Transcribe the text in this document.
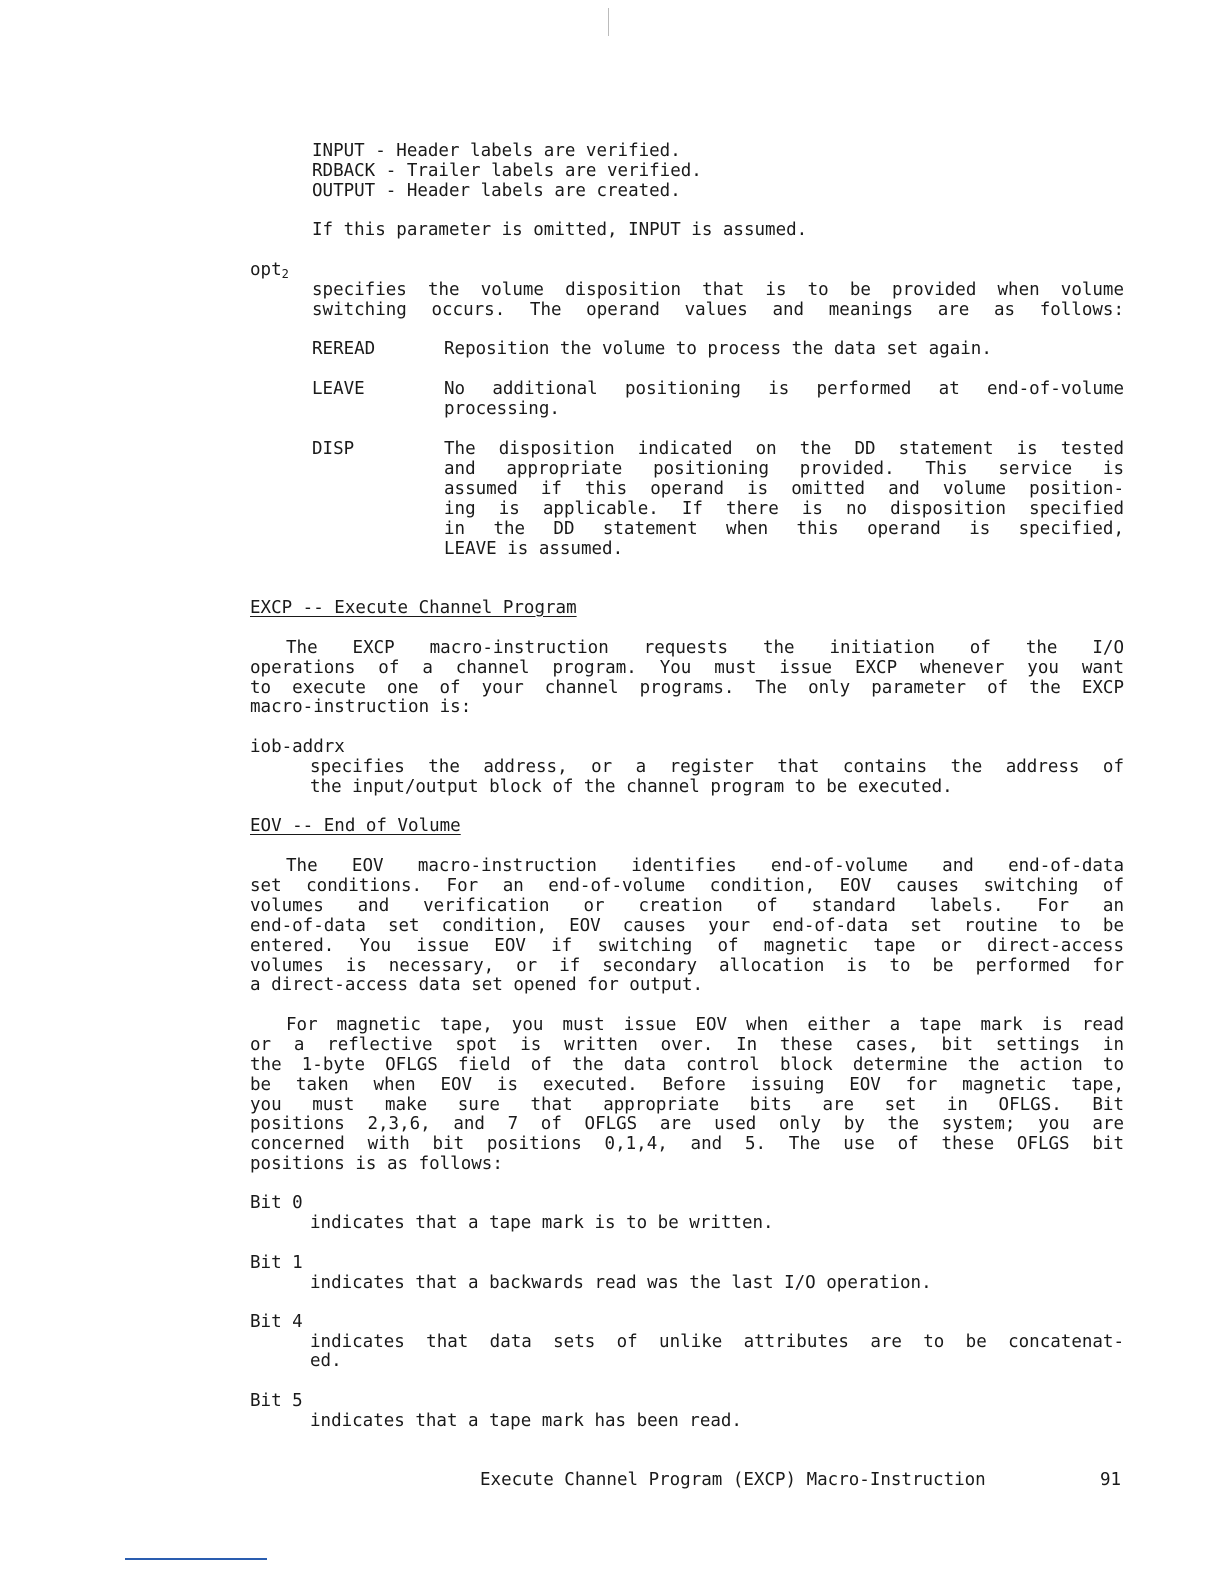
INPUT - Header labels are verified.
RDBACK - Trailer labels are verified.
OUTPUT - Header labels are created.
If this parameter is omitted, INPUT is assumed.
opt$_2$
specifies the volume disposition that is to be provided when volume
switching occurs. The operand values and meanings are as follows:
REREAD	Reposition the volume to process the data set again.
LEAVE	No additional positioning is performed at end-of-volume
processing.
DISP	The disposition indicated on the DD statement is tested
and appropriate positioning provided. This service is
assumed if this operand is omitted and volume position-
ing is applicable. If there is no disposition specified
in the DD statement when this operand is specified,
LEAVE is assumed.
EXCP -- Execute Channel Program
The EXCP macro-instruction requests the initiation of the I/O
operations of a channel program. You must issue EXCP whenever you want
to execute one of your channel programs. The only parameter of the EXCP
macro-instruction is:
iob-addrx
specifies the address, or a register that contains the address of
the input/output block of the channel program to be executed.
EOV -- End of Volume
The EOV macro-instruction identifies end-of-volume and end-of-data
set conditions. For an end-of-volume condition, EOV causes switching of
volumes and verification or creation of standard labels. For an
end-of-data set condition, EOV causes your end-of-data set routine to be
entered. You issue EOV if switching of magnetic tape or direct-access
volumes is necessary, or if secondary allocation is to be performed for
a direct-access data set opened for output.
For magnetic tape, you must issue EOV when either a tape mark is read
or a reflective spot is written over. In these cases, bit settings in
the 1-byte OFLGS field of the data control block determine the action to
be taken when EOV is executed. Before issuing EOV for magnetic tape,
you must make sure that appropriate bits are set in OFLGS. Bit
positions 2,3,6, and 7 of OFLGS are used only by the system; you are
concerned with bit positions 0,1,4, and 5. The use of these OFLGS bit
positions is as follows:
Bit 0
indicates that a tape mark is to be written.
Bit 1
indicates that a backwards read was the last I/O operation.
Bit 4
indicates that data sets of unlike attributes are to be concatenat-
ed.
Bit 5
indicates that a tape mark has been read.
Execute Channel Program (EXCP) Macro-Instruction	91
